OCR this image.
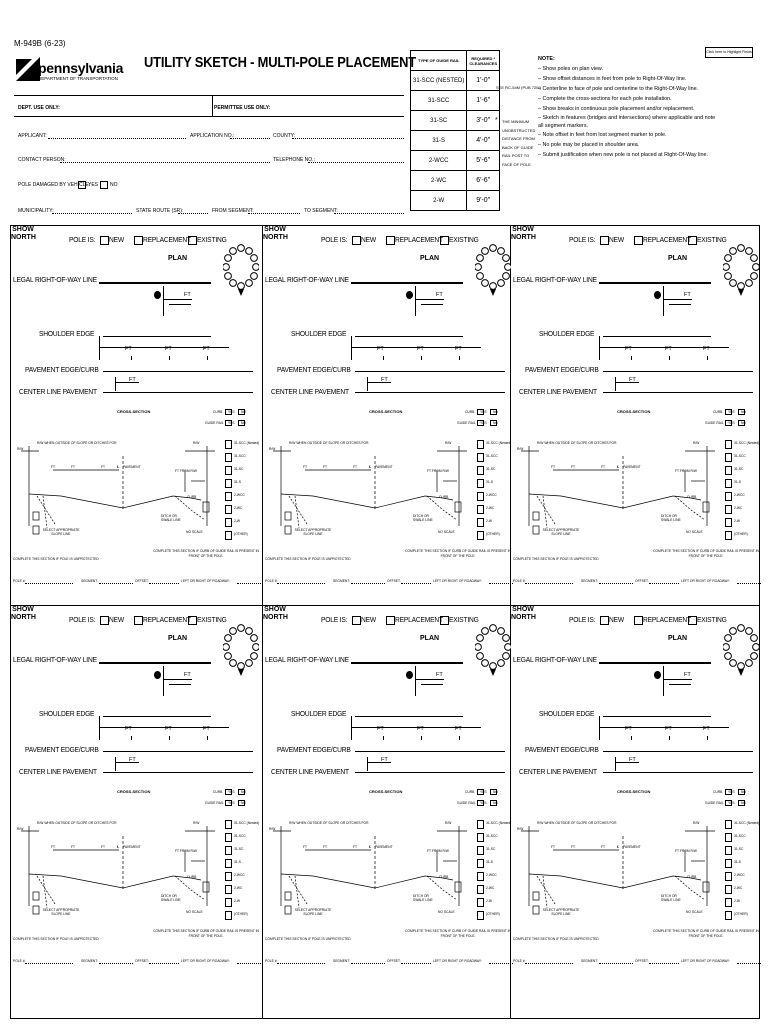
M-949B (6-23)
pennsylvania
DEPARTMENT OF TRANSPORTATION
UTILITY SKETCH - MULTI-POLE PLACEMENT
DEPT. USE ONLY:	PERMITTEE USE ONLY:
APPLICANT:	APPLICATION NO.:	COUNTY:
CONTACT PERSON:	TELEPHONE NO.:
POLE DAMAGED BY VEHICLE:
YES NO
MUNICIPALITY:	STATE ROUTE (SR):	FROM SEGMENT:	TO SEGMENT:
TYPE OF GUIDE RAIL	REQUIRED * CLEARANCES
31-SCC (NESTED)	1'-0"
31-SCC	1'-6"
31-SC	3'-0"
31-S	4'-0"
2-WCC	5'-6"
2-WC	6'-6"
2-W	9'-0"
SEE RC-54M (PUB 72M)
* THE MINIMUM
UNOBSTRUCTED
DISTANCE FROM
BACK OF GUIDE
RAIL POST TO
FACE OF POLE
Click here to Highlight Fields
NOTE:
– Show poles on plan view.
– Show offset distances in feet from pole to Right-Of-Way line.
– Centerline to face of pole and centerline to the Right-Of-Way line.
– Complete the cross-sections for each pole installation.
– Show breaks in continuous pole placement and/or replacement.
– Sketch in features (bridges and intersections) where applicable and note
all segment markers.
– Note offset in feet from lost segment marker to pole.
– No pole may be placed in shoulder area.
– Submit justification when new pole is not placed at Right-Of-Way line.
POLE IS: NEW	REPLACEMENT EXISTING
PLAN
LEGAL RIGHT-OF-WAY LINE
FT
SHOULDER EDGE
FT	FT	FT
SHOW NORTH
PAVEMENT EDGE/CURB
FT
CENTER LINE PAVEMENT
CROSS-SECTION	CURB YES NO
GUIDE RAIL YES NO
R/W
R/W
R/W WHEN OUTSIDE OF SLOPE OR DITCHES FOR
FT	FT	FT	℄ PAVEMENT
FT FROM R/W
CURB
DITCH OR SWALE LINE
SELECT APPROPRIATE SLOPE LINE	NO SCALE
31-SCC (Nested)
31-SCC
31-SC
31-S
2-WCC
2-WC
2-W
(OTHER)
COMPLETE THIS SECTION IF POLE IS UNPROTECTED
COMPLETE THIS SECTION IF CURB OF GUIDE RAIL IS PRESENT IN FRONT OF THE POLE.
POLE #:	SEGMENT:	OFFSET:	LEFT OR RIGHT OF ROADWAY:
POLE IS: NEW	REPLACEMENT EXISTING
PLAN
LEGAL RIGHT-OF-WAY LINE
FT
SHOULDER EDGE
FT	FT	FT
SHOW NORTH
PAVEMENT EDGE/CURB
FT
CENTER LINE PAVEMENT
CROSS-SECTION	CURB YES NO
GUIDE RAIL YES NO
R/W
R/W
R/W WHEN OUTSIDE OF SLOPE OR DITCHES FOR
FT	FT	FT	℄ PAVEMENT
FT FROM R/W
CURB
DITCH OR SWALE LINE
SELECT APPROPRIATE SLOPE LINE	NO SCALE
31-SCC (Nested)
31-SCC
31-SC
31-S
2-WCC
2-WC
2-W
(OTHER)
COMPLETE THIS SECTION IF POLE IS UNPROTECTED
COMPLETE THIS SECTION IF CURB OF GUIDE RAIL IS PRESENT IN FRONT OF THE POLE.
POLE #:	SEGMENT:	OFFSET:	LEFT OR RIGHT OF ROADWAY:
POLE IS: NEW	REPLACEMENT EXISTING
PLAN
LEGAL RIGHT-OF-WAY LINE
FT
SHOULDER EDGE
FT	FT	FT
SHOW NORTH
PAVEMENT EDGE/CURB
FT
CENTER LINE PAVEMENT
CROSS-SECTION	CURB YES NO
GUIDE RAIL YES NO
R/W
R/W
R/W WHEN OUTSIDE OF SLOPE OR DITCHES FOR
FT	FT	FT	℄ PAVEMENT
FT FROM R/W
CURB
DITCH OR SWALE LINE
SELECT APPROPRIATE SLOPE LINE	NO SCALE
31-SCC (Nested)
31-SCC
31-SC
31-S
2-WCC
2-WC
2-W
(OTHER)
COMPLETE THIS SECTION IF POLE IS UNPROTECTED
COMPLETE THIS SECTION IF CURB OF GUIDE RAIL IS PRESENT IN FRONT OF THE POLE.
POLE #:	SEGMENT:	OFFSET:	LEFT OR RIGHT OF ROADWAY:
POLE IS: NEW	REPLACEMENT EXISTING
PLAN
LEGAL RIGHT-OF-WAY LINE
FT
SHOULDER EDGE
FT	FT	FT
SHOW NORTH
PAVEMENT EDGE/CURB
FT
CENTER LINE PAVEMENT
CROSS-SECTION	CURB YES NO
GUIDE RAIL YES NO
R/W
R/W
R/W WHEN OUTSIDE OF SLOPE OR DITCHES FOR
FT	FT	FT	℄ PAVEMENT
FT FROM R/W
CURB
DITCH OR SWALE LINE
SELECT APPROPRIATE SLOPE LINE	NO SCALE
31-SCC (Nested)
31-SCC
31-SC
31-S
2-WCC
2-WC
2-W
(OTHER)
COMPLETE THIS SECTION IF POLE IS UNPROTECTED
COMPLETE THIS SECTION IF CURB OF GUIDE RAIL IS PRESENT IN FRONT OF THE POLE.
POLE #:	SEGMENT:	OFFSET:	LEFT OR RIGHT OF ROADWAY:
POLE IS: NEW	REPLACEMENT EXISTING
PLAN
LEGAL RIGHT-OF-WAY LINE
FT
SHOULDER EDGE
FT	FT	FT
SHOW NORTH
PAVEMENT EDGE/CURB
FT
CENTER LINE PAVEMENT
CROSS-SECTION	CURB YES NO
GUIDE RAIL YES NO
R/W
R/W
R/W WHEN OUTSIDE OF SLOPE OR DITCHES FOR
FT	FT	FT	℄ PAVEMENT
FT FROM R/W
CURB
DITCH OR SWALE LINE
SELECT APPROPRIATE SLOPE LINE	NO SCALE
31-SCC (Nested)
31-SCC
31-SC
31-S
2-WCC
2-WC
2-W
(OTHER)
COMPLETE THIS SECTION IF POLE IS UNPROTECTED
COMPLETE THIS SECTION IF CURB OF GUIDE RAIL IS PRESENT IN FRONT OF THE POLE.
POLE #:	SEGMENT:	OFFSET:	LEFT OR RIGHT OF ROADWAY:
POLE IS: NEW	REPLACEMENT EXISTING
PLAN
LEGAL RIGHT-OF-WAY LINE
FT
SHOULDER EDGE
FT	FT	FT
SHOW NORTH
PAVEMENT EDGE/CURB
FT
CENTER LINE PAVEMENT
CROSS-SECTION	CURB YES NO
GUIDE RAIL YES NO
R/W
R/W
R/W WHEN OUTSIDE OF SLOPE OR DITCHES FOR
FT	FT	FT	℄ PAVEMENT
FT FROM R/W
CURB
DITCH OR SWALE LINE
SELECT APPROPRIATE SLOPE LINE	NO SCALE
31-SCC (Nested)
31-SCC
31-SC
31-S
2-WCC
2-WC
2-W
(OTHER)
COMPLETE THIS SECTION IF POLE IS UNPROTECTED
COMPLETE THIS SECTION IF CURB OF GUIDE RAIL IS PRESENT IN FRONT OF THE POLE.
POLE #:	SEGMENT:	OFFSET:	LEFT OR RIGHT OF ROADWAY:
